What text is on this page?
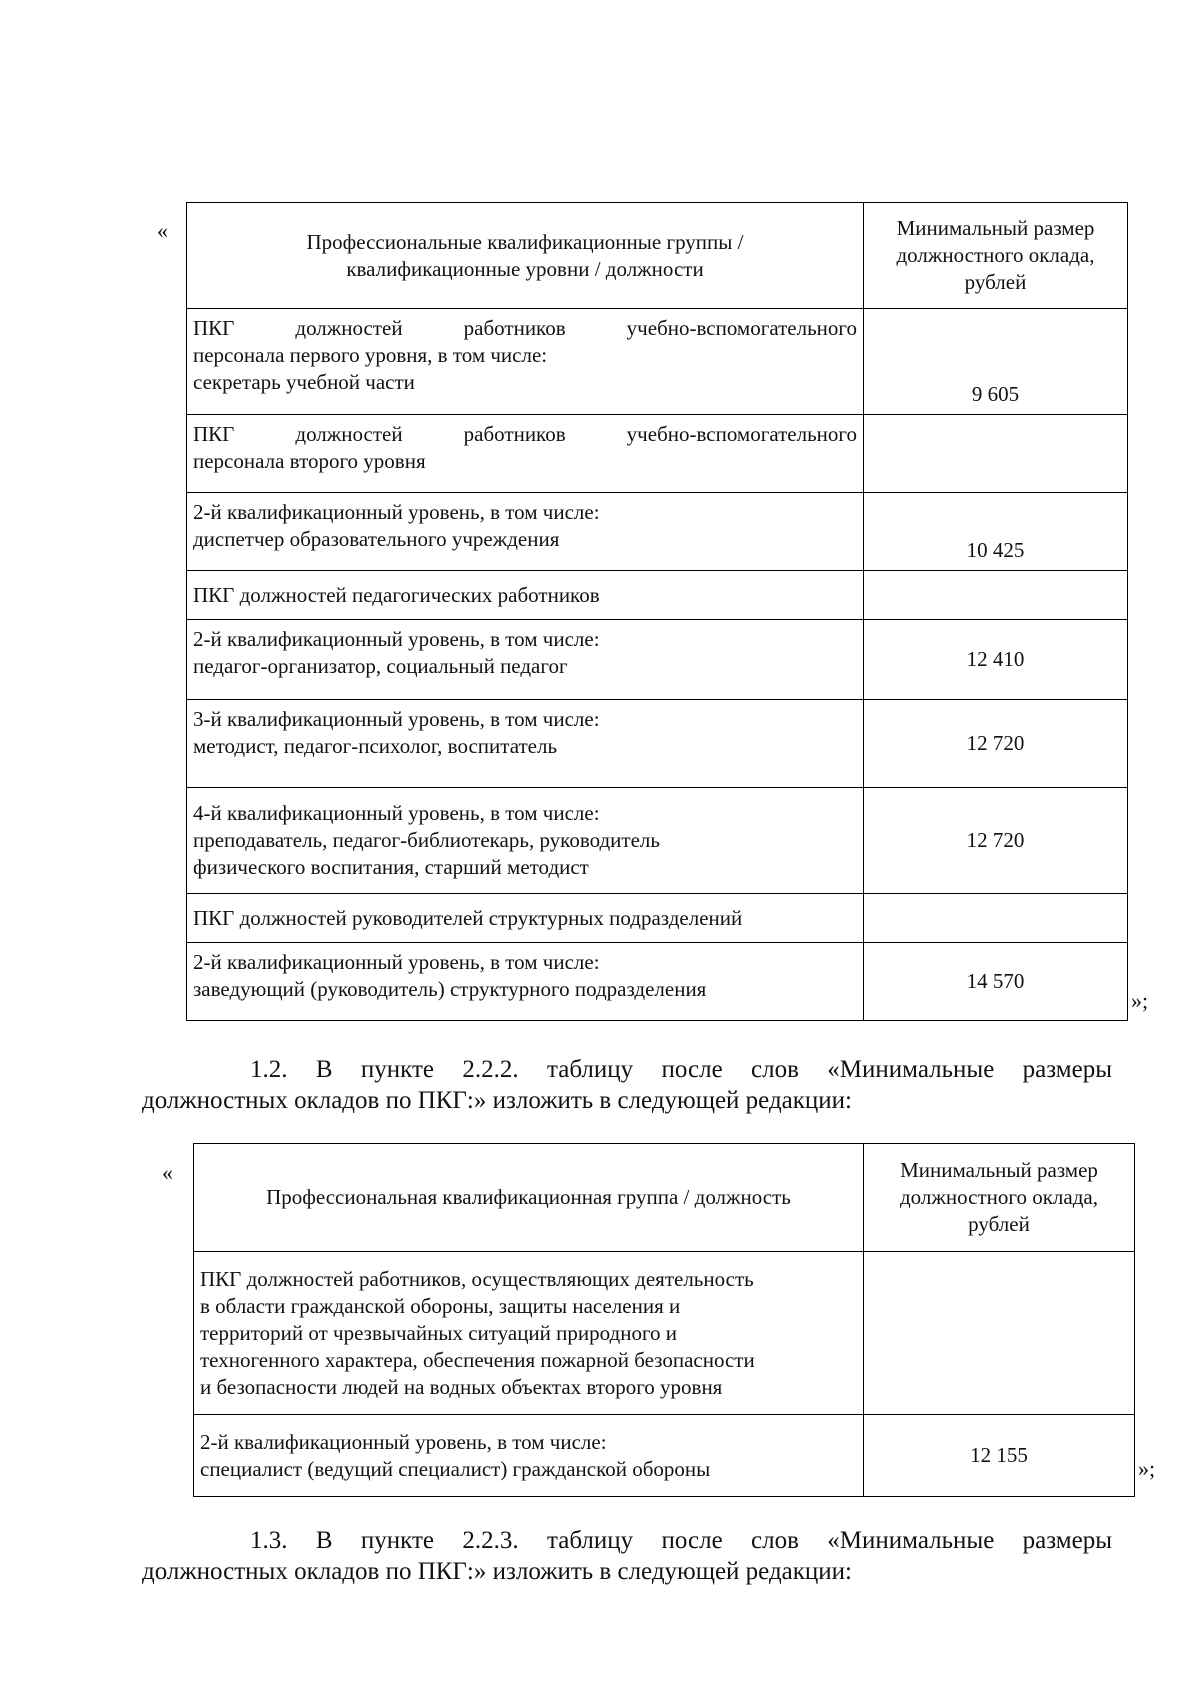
«	Профессиональные квалификационные группы /
квалификационные уровни / должности	Минимальный размер
должностного оклада,
рублей

ПКГ должностей работников учебно-вспомогательного
персонала первого уровня, в том числе:
секретарь учебной части	9 605

ПКГ должностей работников учебно-вспомогательного
персонала второго уровня	

2-й квалификационный уровень, в том числе:
диспетчер образовательного учреждения	10 425

ПКГ должностей педагогических работников	

2-й квалификационный уровень, в том числе:
педагог-организатор, социальный педагог	12 410

3-й квалификационный уровень, в том числе:
методист, педагог-психолог, воспитатель	12 720

4-й квалификационный уровень, в том числе:
преподаватель, педагог-библиотекарь, руководитель
физического воспитания, старший методист	12 720

ПКГ должностей руководителей структурных подразделений	

2-й квалификационный уровень, в том числе:
заведующий (руководитель) структурного подразделения	14 570
»;
1.2. В пункте 2.2.2. таблицу после слов «Минимальные размеры
должностных окладов по ПКГ:» изложить в следующей редакции:
«
Профессиональная квалификационная группа / должность	Минимальный размер
должностного оклада,
рублей

ПКГ должностей работников, осуществляющих деятельность
в области гражданской обороны, защиты населения и
территорий от чрезвычайных ситуаций природного и
техногенного характера, обеспечения пожарной безопасности
и безопасности людей на водных объектах второго уровня	

2-й квалификационный уровень, в том числе:
специалист (ведущий специалист) гражданской обороны	12 155
»;
1.3. В пункте 2.2.3. таблицу после слов «Минимальные размеры
должностных окладов по ПКГ:» изложить в следующей редакции:
